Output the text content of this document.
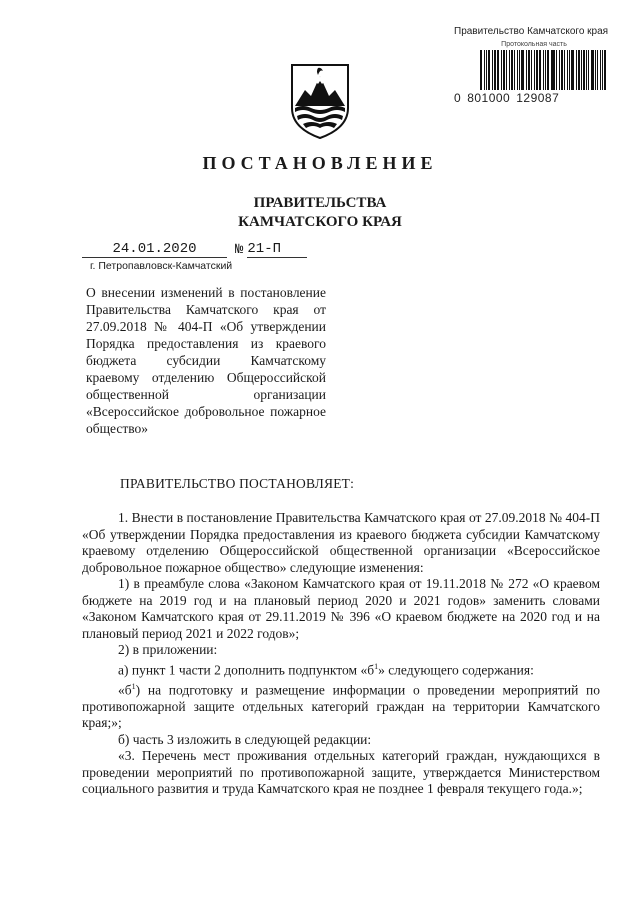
Правительство Камчатского края
Протокольная часть
0 801000 129087
ПОСТАНОВЛЕНИЕ
ПРАВИТЕЛЬСТВА
КАМЧАТСКОГО КРАЯ
24.01.2020	№ 21-П
г. Петропавловск-Камчатский
О внесении изменений в постановление Правительства Камчатского края от 27.09.2018 № 404-П «Об утверждении Порядка предоставления из краевого бюджета субсидии Камчатскому краевому отделению Общероссийской общественной организации «Всероссийское добровольное пожарное общество»
ПРАВИТЕЛЬСТВО ПОСТАНОВЛЯЕТ:

1. Внести в постановление Правительства Камчатского края от 27.09.2018 № 404-П «Об утверждении Порядка предоставления из краевого бюджета субсидии Камчатскому краевому отделению Общероссийской общественной организации «Всероссийское добровольное пожарное общество» следующие изменения:

1) в преамбуле слова «Законом Камчатского края от 19.11.2018 № 272 «О краевом бюджете на 2019 год и на плановый период 2020 и 2021 годов» заменить словами «Законом Камчатского края от 29.11.2019 № 396 «О краевом бюджете на 2020 год и на плановый период 2021 и 2022 годов»;

2) в приложении:

а) пункт 1 части 2 дополнить подпунктом «$б^1$» следующего содержания:

«$б^1$) на подготовку и размещение информации о проведении мероприятий по противопожарной защите отдельных категорий граждан на территории Камчатского края;»;

б) часть 3 изложить в следующей редакции:

«3. Перечень мест проживания отдельных категорий граждан, нуждающихся в проведении мероприятий по противопожарной защите, утверждается Министерством социального развития и труда Камчатского края не позднее 1 февраля текущего года.»;
